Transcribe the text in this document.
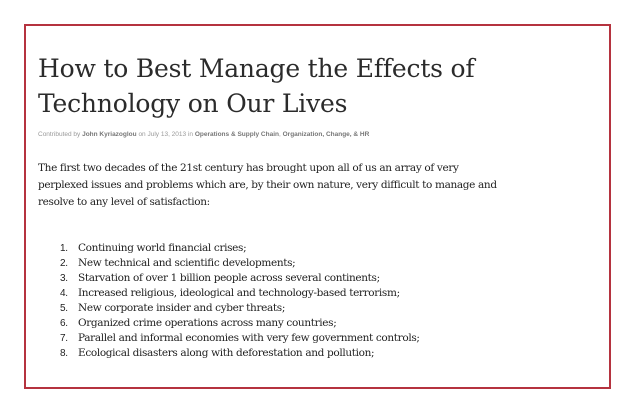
How to Best Manage the Effects of
Technology on Our Lives
Contributed by John Kyriazoglou on July 13, 2013 in Operations & Supply Chain, Organization, Change, & HR

The first two decades of the 21st century has brought upon all of us an array of very
perplexed issues and problems which are, by their own nature, very difficult to manage and
resolve to any level of satisfaction:

1. Continuing world financial crises;
2. New technical and scientific developments;
3. Starvation of over 1 billion people across several continents;
4. Increased religious, ideological and technology-based terrorism;
5. New corporate insider and cyber threats;
6. Organized crime operations across many countries;
7. Parallel and informal economies with very few government controls;
8. Ecological disasters along with deforestation and pollution;
